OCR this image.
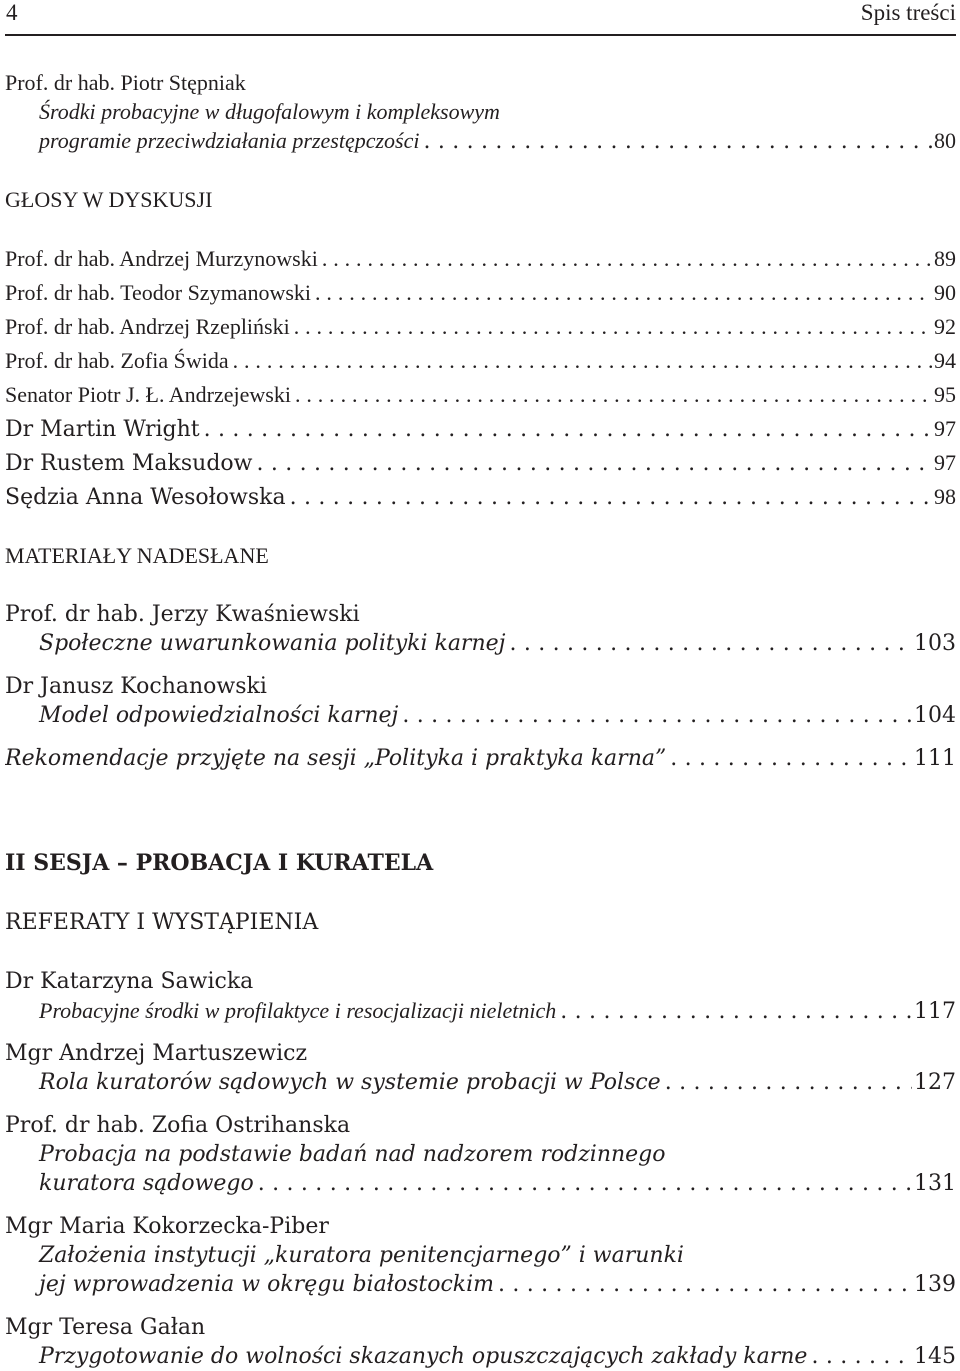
4	Spis treści
Prof. dr hab. Piotr Stępniak
Środki probacyjne w długofalowym i kompleksowym
programie przeciwdziałania przestępczości . . .	80
GŁOSY W DYSKUSJI
Prof. dr hab. Andrzej Murzynowski . . .	89
Prof. dr hab. Teodor Szymanowski . . .	90
Prof. dr hab. Andrzej Rzepliński . . .	92
Prof. dr hab. Zofia Świda . . .	94
Senator Piotr J. Ł. Andrzejewski . . .	95
Dr Martin Wright . . .	97
Dr Rustem Maksudow . . .	97
Sędzia Anna Wesołowska . . .	98
MATERIAŁY NADESŁANE
Prof. dr hab. Jerzy Kwaśniewski
Społeczne uwarunkowania polityki karnej . . .	103
Dr Janusz Kochanowski
Model odpowiedzialności karnej . . .	104
Rekomendacje przyjęte na sesji „Polityka i praktyka karna” . . .	111
II SESJA – PROBACJA I KURATELA
REFERATY I WYSTĄPIENIA
Dr Katarzyna Sawicka
Probacyjne środki w profilaktyce i resocjalizacji nieletnich . . .	117
Mgr Andrzej Martuszewicz
Rola kuratorów sądowych w systemie probacji w Polsce . . .	127
Prof. dr hab. Zofia Ostrihanska
Probacja na podstawie badań nad nadzorem rodzinnego
kuratora sądowego . . .	131
Mgr Maria Kokorzecka-Piber
Założenia instytucji „kuratora penitencjarnego” i warunki
jej wprowadzenia w okręgu białostockim . . .	139
Mgr Teresa Gałan
Przygotowanie do wolności skazanych opuszczających zakłady karne . . .	145
